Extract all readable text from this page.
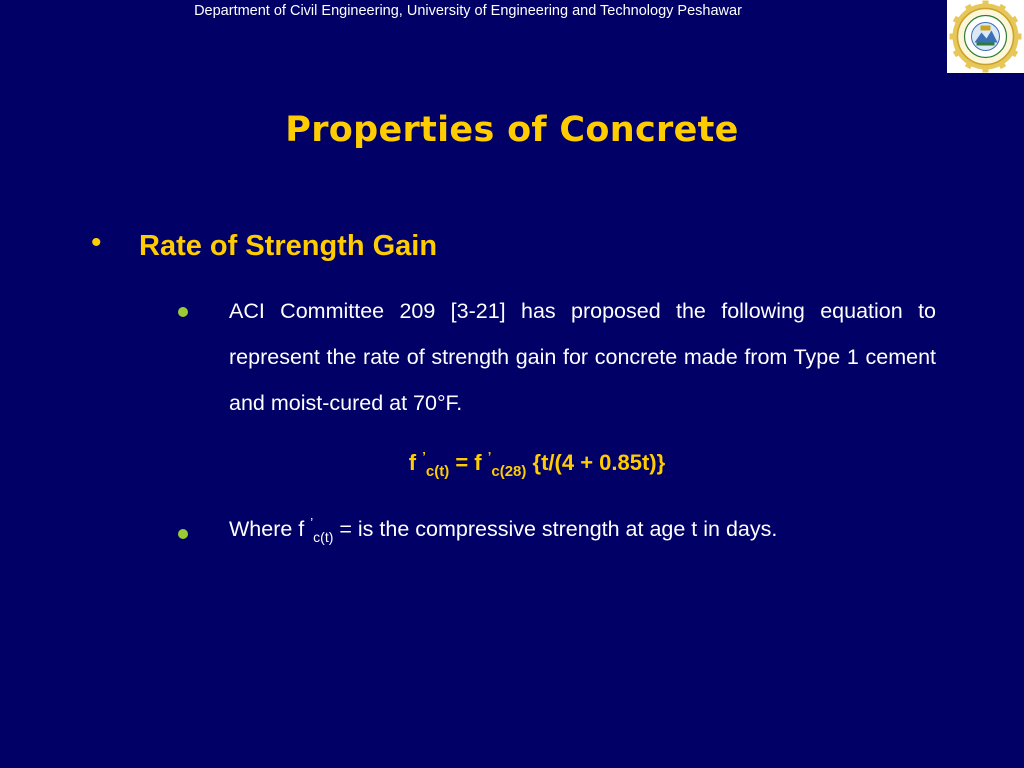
Department of Civil Engineering, University of Engineering and Technology Peshawar
Properties of Concrete
• Rate of Strength Gain
ACI Committee 209 [3-21] has proposed the following equation to represent the rate of strength gain for concrete made from Type 1 cement and moist-cured at 70°F.
f ’$_{c(t)}$ = f ’$_{c(28)}$ {t/(4 + 0.85t)}
Where f ’$_{c(t)}$ = is the compressive strength at age t in days.
